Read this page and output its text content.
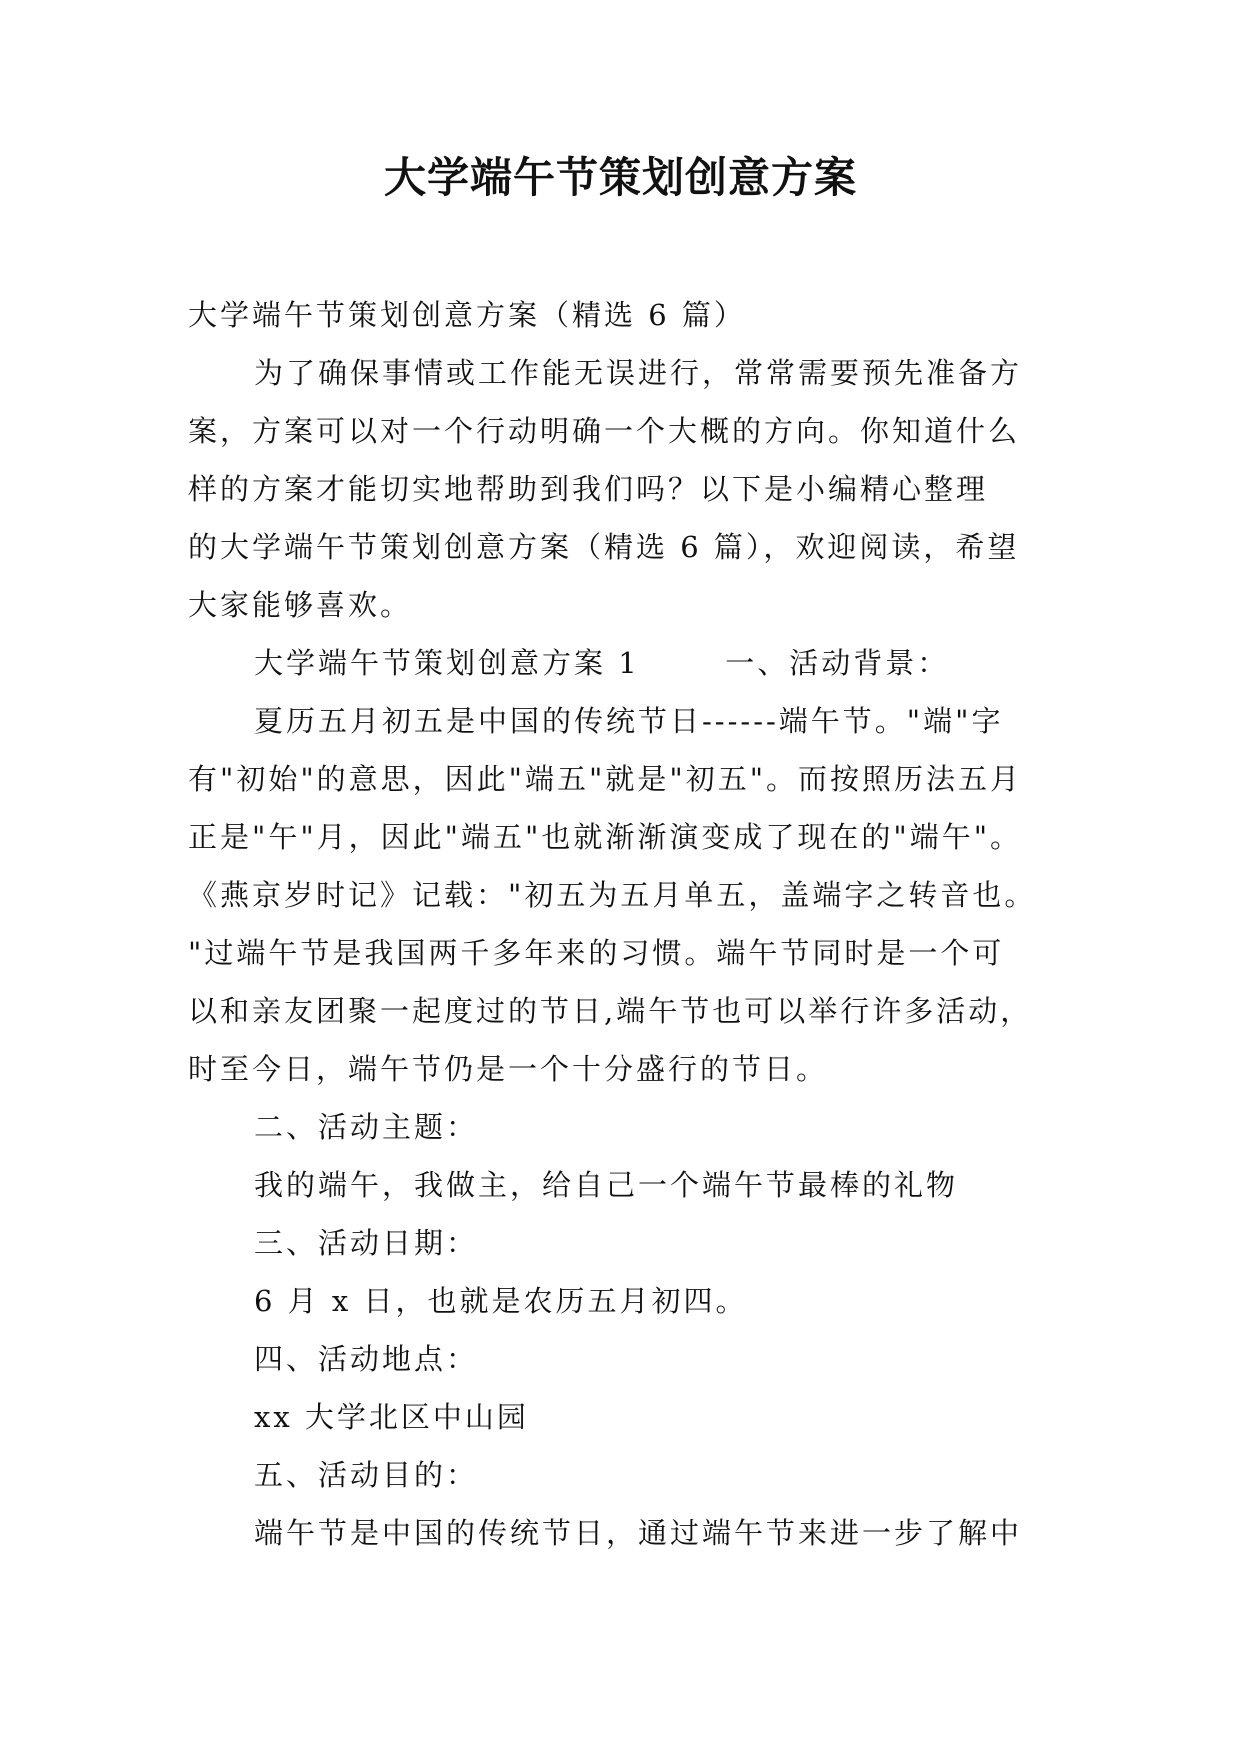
大学端午节策划创意方案

大学端午节策划创意方案（精选 6 篇）

为了确保事情或工作能无误进行，常常需要预先准备方

案，方案可以对一个行动明确一个大概的方向。你知道什么

样的方案才能切实地帮助到我们吗？以下是小编精心整理

的大学端午节策划创意方案（精选 6 篇），欢迎阅读，希望

大家能够喜欢。

大学端午节策划创意方案 1       一、活动背景：

夏历五月初五是中国的传统节日------端午节。"端"字

有"初始"的意思，因此"端五"就是"初五"。而按照历法五月

正是"午"月，因此"端五"也就渐渐演变成了现在的"端午"。

《燕京岁时记》记载："初五为五月单五，盖端字之转音也。

"过端午节是我国两千多年来的习惯。端午节同时是一个可

以和亲友团聚一起度过的节日,端午节也可以举行许多活动，

时至今日，端午节仍是一个十分盛行的节日。

二、活动主题：

我的端午，我做主，给自己一个端午节最棒的礼物

三、活动日期：

6 月 x 日，也就是农历五月初四。

四、活动地点：

xx 大学北区中山园

五、活动目的：

端午节是中国的传统节日，通过端午节来进一步了解中
